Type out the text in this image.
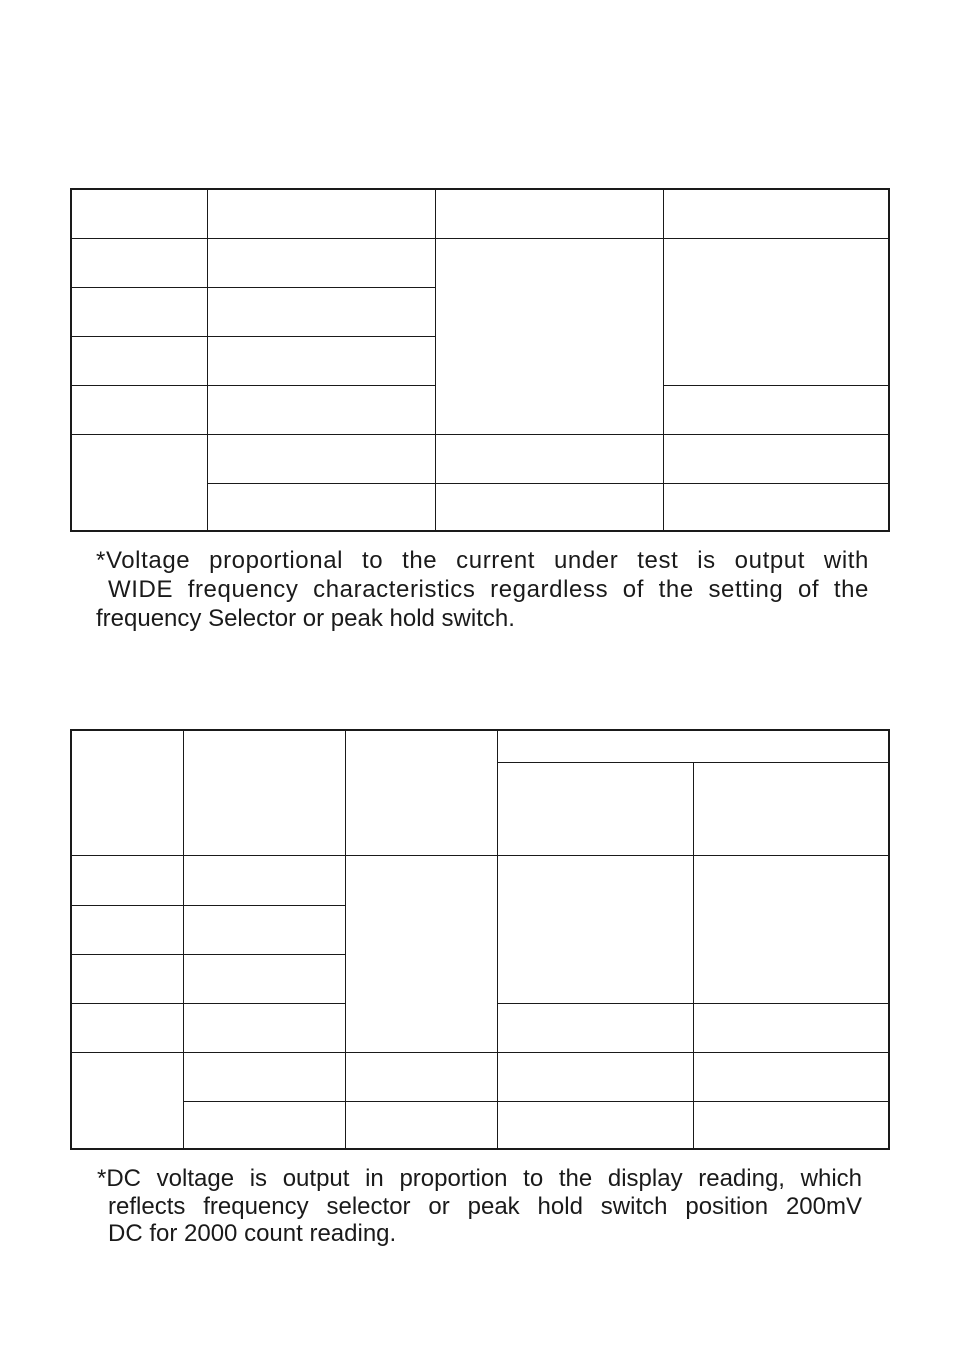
*Voltage proportional to the current under test is output with
WIDE frequency characteristics regardless of the setting of the
frequency Selector or peak hold switch.

*DC voltage is output in proportion to the display reading, which
reflects frequency selector or peak hold switch position 200mV
DC for 2000 count reading.
